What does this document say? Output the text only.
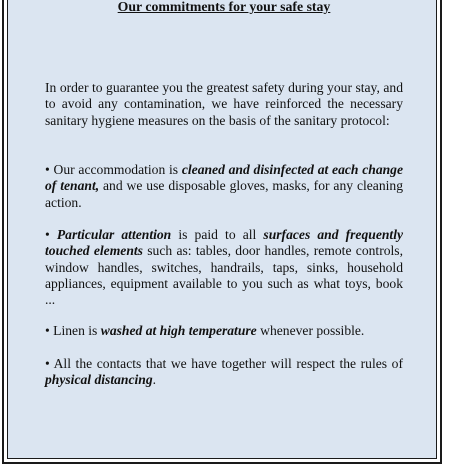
Our commitments for your safe stay

In order to guarantee you the greatest safety during your stay, and to avoid any contamination, we have reinforced the necessary sanitary hygiene measures on the basis of the sanitary protocol:

• Our accommodation is cleaned and disinfected at each change of tenant, and we use disposable gloves, masks, for any cleaning action.

• Particular attention is paid to all surfaces and frequently touched elements such as: tables, door handles, remote controls, window handles, switches, handrails, taps, sinks, household appliances, equipment available to you such as what toys, book ...

• Linen is washed at high temperature whenever possible.

• All the contacts that we have together will respect the rules of physical distancing.
